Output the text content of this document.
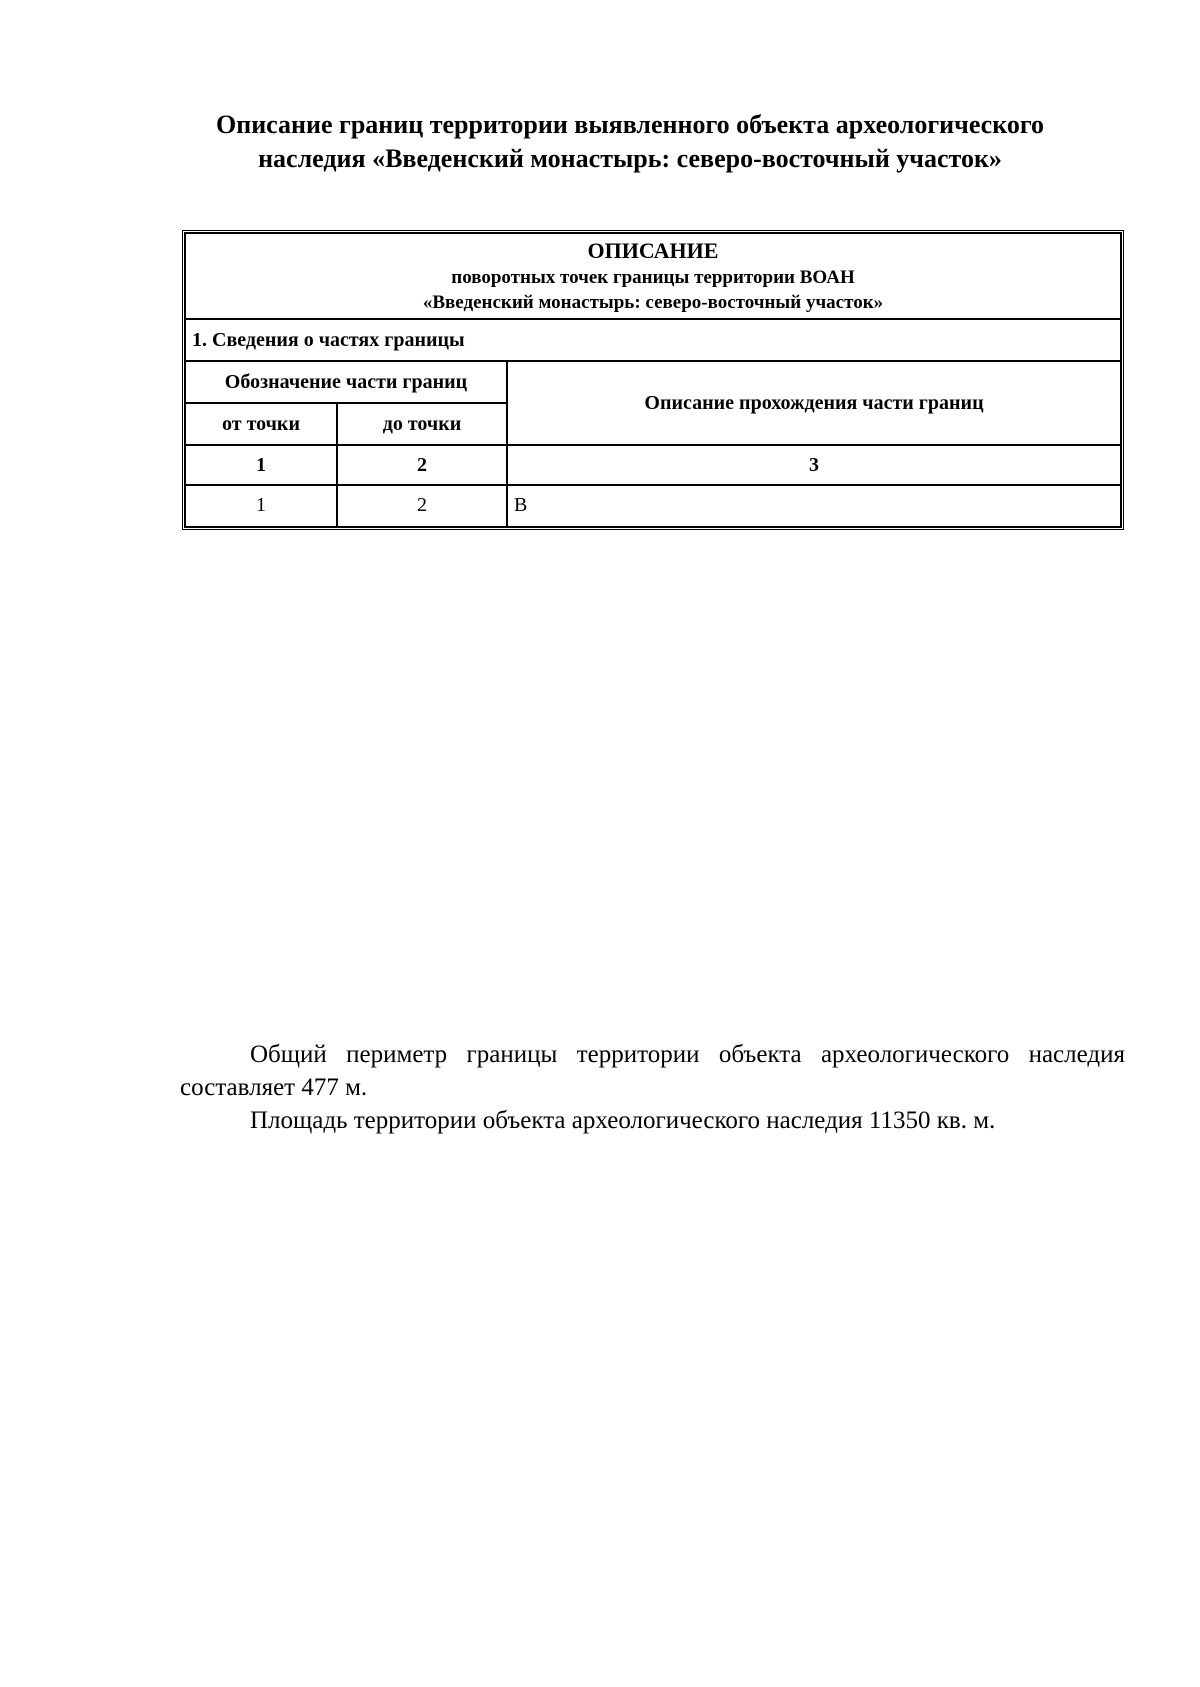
Описание границ территории выявленного объекта археологического
наследия «Введенский монастырь: северо-восточный участок»
ОПИСАНИЕ
поворотных точек границы территории ВОАН
«Введенский монастырь: северо-восточный участок»		
1. Сведения о частях границы		
Обозначение части границ		Описание прохождения части границ
от точки	до точки	
1	2	3

1	2	В

Общий периметр границы территории объекта археологического наследия составляет 477 м.

Площадь территории объекта археологического наследия 11350 кв. м.
